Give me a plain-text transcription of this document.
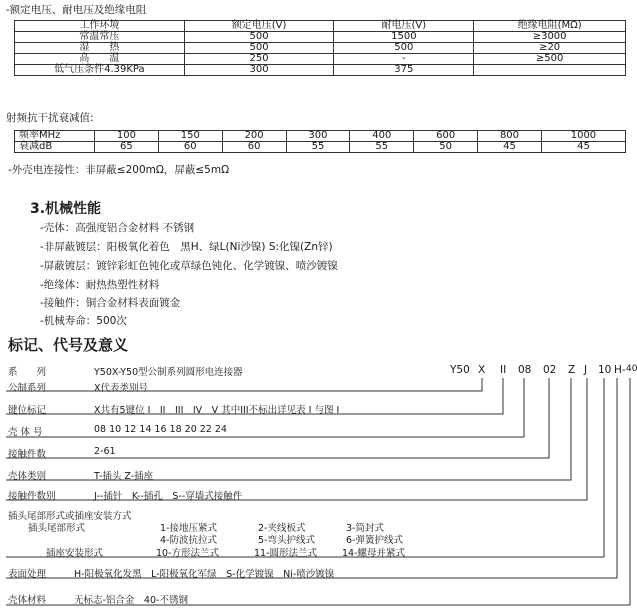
-额定电压、耐电压及绝缘电阻
工作环境	额定电压(V)	耐电压(V)	绝缘电阻(MΩ)
常温常压	500	1500	≥3000
湿　　热	500	500	≥20
高　　温	250	-	≥500
低气压条件4.39KPa	300	375	
射频抗干扰衰减值:
频率MHz	100	150	200	300	400	600	800	1000
衰减dB	65	60	60	55	55	50	45	45
-外壳电连接性：非屏蔽≤200mΩ，屏蔽≤5mΩ
3.机械性能
-壳体：高强度铝合金材料 不锈钢
-非屏蔽镀层：阳极氧化着色　黑H、绿L(Ni沙镍) S:化镍(Zn锌)
-屏蔽镀层：镀锌彩虹色钝化或草绿色钝化、化学镀镍、喷沙镀镍
-绝缘体：耐热热塑性材料
-接触件：铜合金材料表面镀金
-机械寿命：500次
标记、代号及意义
系　　列	Y50X-Y50型公制系列圆形电连接器	Y50 X II 08 02 Z J 10 H - 40
公制系列	X代表类别号
键位标记	X共有5键位 I　II　III　IV　V 其中III不标出详见表 I 与图 I
壳 体 号	08 10 12 14 16 18 20 22 24
接触件数	2-61
壳体类别	T-插头 Z-插座
接触件数别	J--插针　K--插孔　S--穿墙式接触件
插头尾部形式或插座安装方式
插头尾部形式	1-接地压紧式	2-夹线板式	3-筒封式
4-防波抗拉式	5-弯头护线式	6-弹簧护线式
插座安装形式	10-方形法兰式	11-圆形法兰式	14-螺母并紧式
表面处理	H-阳极氧化发黑　L-阳极氧化军绿　S-化学镀镍　Ni-喷沙镀镍
壳体材料	无标志-铝合金　40-不锈钢
